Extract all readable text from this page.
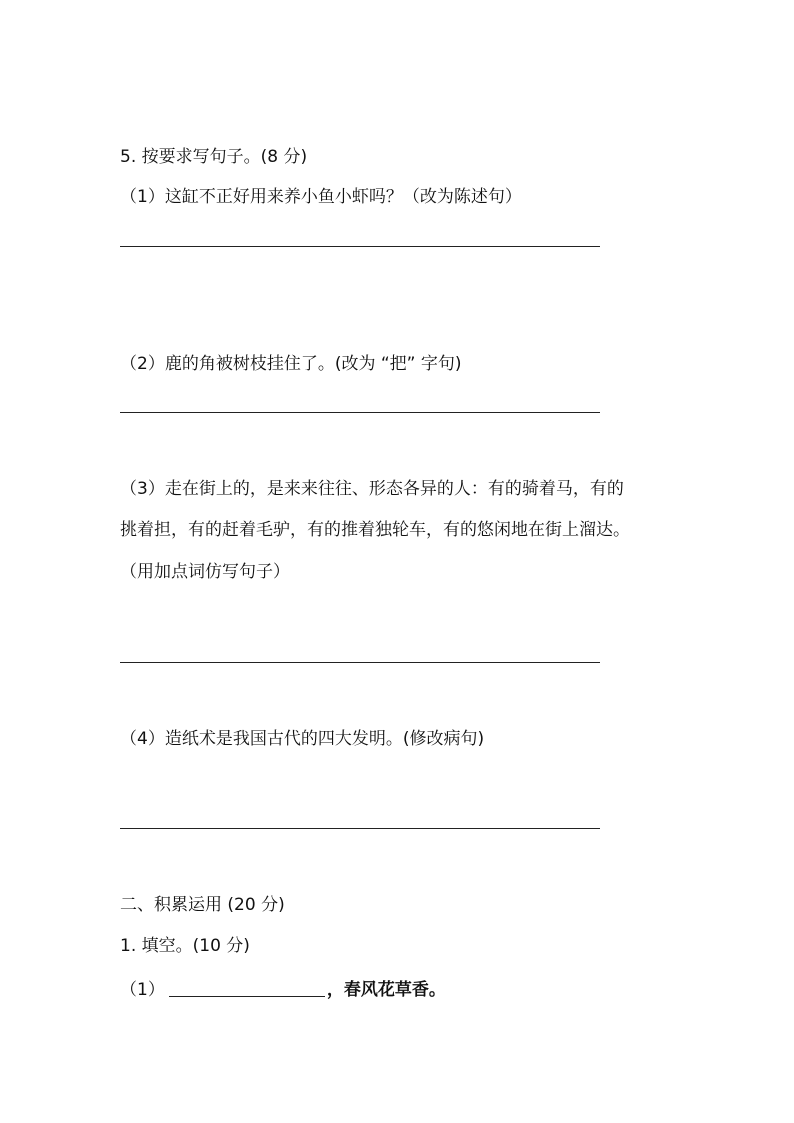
5. 按要求写句子。(8 分)
（1）这缸不正好用来养小鱼小虾吗？（改为陈述句）
（2）鹿的角被树枝挂住了。(改为 “把” 字句)
（3）走在街上的，是来来往往、形态各异的人：有的骑着马，有的
挑着担，有的赶着毛驴，有的推着独轮车，有的悠闲地在街上溜达。
（用加点词仿写句子）
（4）造纸术是我国古代的四大发明。(修改病句)
二、积累运用 (20 分)
1. 填空。(10 分)
（1）	，春风花草香。
